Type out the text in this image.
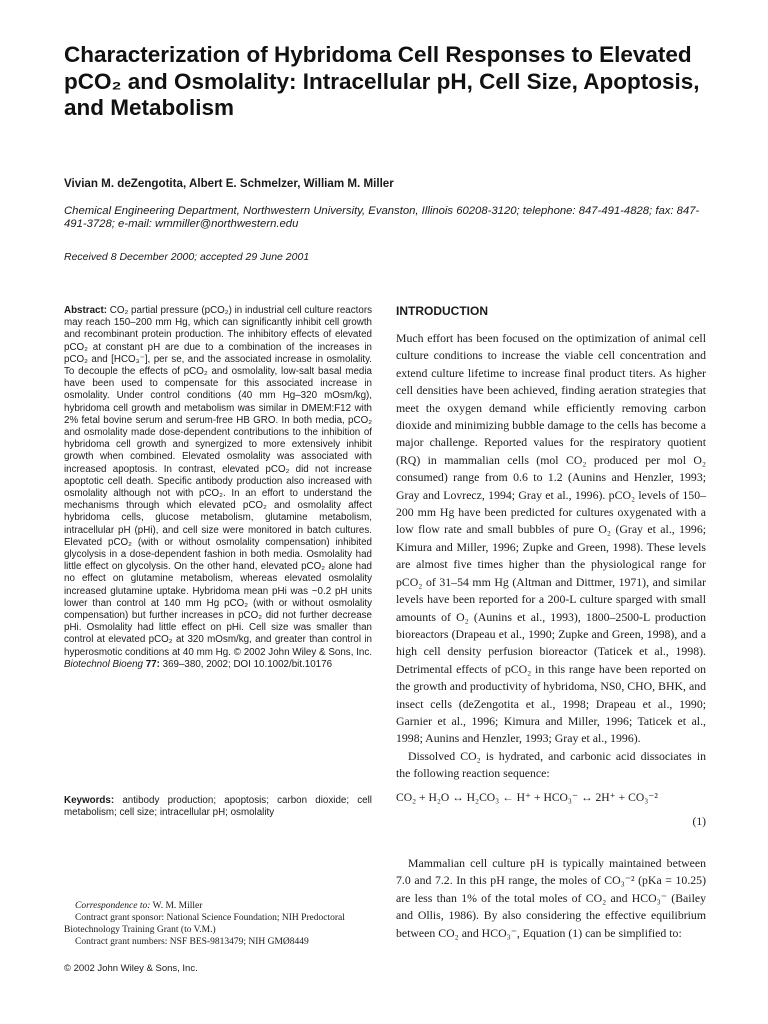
Characterization of Hybridoma Cell Responses to Elevated pCO₂ and Osmolality: Intracellular pH, Cell Size, Apoptosis, and Metabolism

Vivian M. deZengotita, Albert E. Schmelzer, William M. Miller

Chemical Engineering Department, Northwestern University, Evanston, Illinois 60208-3120; telephone: 847-491-4828; fax: 847-491-3728; e-mail: wmmiller@northwestern.edu

Received 8 December 2000; accepted 29 June 2001

Abstract: CO₂ partial pressure (pCO₂) in industrial cell culture reactors may reach 150–200 mm Hg, which can significantly inhibit cell growth and recombinant protein production. The inhibitory effects of elevated pCO₂ at constant pH are due to a combination of the increases in pCO₂ and [HCO₃⁻], per se, and the associated increase in osmolality. To decouple the effects of pCO₂ and osmolality, low-salt basal media have been used to compensate for this associated increase in osmolality. Under control conditions (40 mm Hg–320 mOsm/kg), hybridoma cell growth and metabolism was similar in DMEM:F12 with 2% fetal bovine serum and serum-free HB GRO. In both media, pCO₂ and osmolality made dose-dependent contributions to the inhibition of hybridoma cell growth and synergized to more extensively inhibit growth when combined. Elevated osmolality was associated with increased apoptosis. In contrast, elevated pCO₂ did not increase apoptotic cell death. Specific antibody production also increased with osmolality although not with pCO₂. In an effort to understand the mechanisms through which elevated pCO₂ and osmolality affect hybridoma cells, glucose metabolism, glutamine metabolism, intracellular pH (pHi), and cell size were monitored in batch cultures. Elevated pCO₂ (with or without osmolality compensation) inhibited glycolysis in a dose-dependent fashion in both media. Osmolality had little effect on glycolysis. On the other hand, elevated pCO₂ alone had no effect on glutamine metabolism, whereas elevated osmolality increased glutamine uptake. Hybridoma mean pHi was ~0.2 pH units lower than control at 140 mm Hg pCO₂ (with or without osmolality compensation) but further increases in pCO₂ did not further decrease pHi. Osmolality had little effect on pHi. Cell size was smaller than control at elevated pCO₂ at 320 mOsm/kg, and greater than control in hyperosmotic conditions at 40 mm Hg. © 2002 John Wiley & Sons, Inc. Biotechnol Bioeng 77: 369–380, 2002; DOI 10.1002/bit.10176

Keywords: antibody production; apoptosis; carbon dioxide; cell metabolism; cell size; intracellular pH; osmolality

Correspondence to: W. M. Miller

Contract grant sponsor: National Science Foundation; NIH Predoctoral Biotechnology Training Grant (to V.M.)

Contract grant numbers: NSF BES-9813479; NIH GMØ8449

© 2002 John Wiley & Sons, Inc.

INTRODUCTION

Much effort has been focused on the optimization of animal cell culture conditions to increase the viable cell concentration and extend culture lifetime to increase final product titers. As higher cell densities have been achieved, finding aeration strategies that meet the oxygen demand while efficiently removing carbon dioxide and minimizing bubble damage to the cells has become a major challenge. Reported values for the respiratory quotient (RQ) in mammalian cells (mol CO₂ produced per mol O₂ consumed) range from 0.6 to 1.2 (Aunins and Henzler, 1993; Gray and Lovrecz, 1994; Gray et al., 1996). pCO₂ levels of 150–200 mm Hg have been predicted for cultures oxygenated with a low flow rate and small bubbles of pure O₂ (Gray et al., 1996; Kimura and Miller, 1996; Zupke and Green, 1998). These levels are almost five times higher than the physiological range for pCO₂ of 31–54 mm Hg (Altman and Dittmer, 1971), and similar levels have been reported for a 200-L culture sparged with small amounts of O₂ (Aunins et al., 1993), 1800–2500-L production bioreactors (Drapeau et al., 1990; Zupke and Green, 1998), and a high cell density perfusion bioreactor (Taticek et al., 1998). Detrimental effects of pCO₂ in this range have been reported on the growth and productivity of hybridoma, NS0, CHO, BHK, and insect cells (deZengotita et al., 1998; Drapeau et al., 1990; Garnier et al., 1996; Kimura and Miller, 1996; Taticek et al., 1998; Aunins and Henzler, 1993; Gray et al., 1996).

Dissolved CO₂ is hydrated, and carbonic acid dissociates in the following reaction sequence:

CO₂ + H₂O ↔ H₂CO₃ ← H⁺ + HCO₃⁻ ↔ 2H⁺ + CO₃⁻²

(1)

Mammalian cell culture pH is typically maintained between 7.0 and 7.2. In this pH range, the moles of CO₃⁻² (pKa = 10.25) are less than 1% of the total moles of CO₂ and HCO₃⁻ (Bailey and Ollis, 1986). By also considering the effective equilibrium between CO₂ and HCO₃⁻, Equation (1) can be simplified to:
